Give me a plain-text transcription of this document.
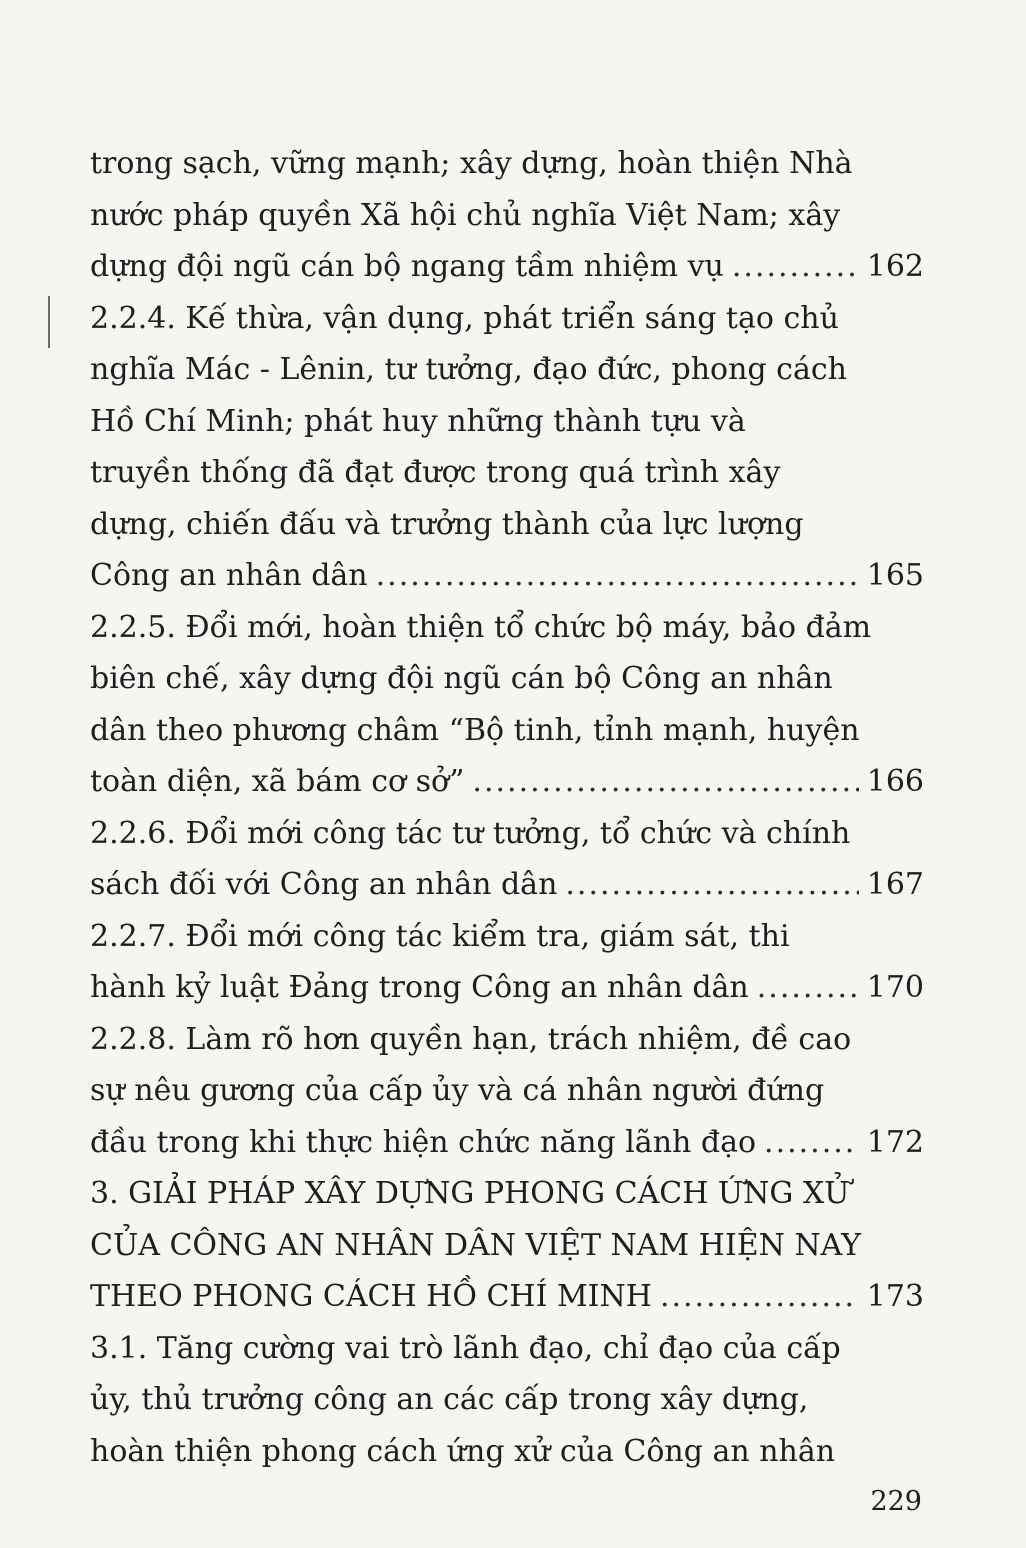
trong sạch, vững mạnh; xây dựng, hoàn thiện Nhà
nước pháp quyền Xã hội chủ nghĩa Việt Nam; xây
dựng đội ngũ cán bộ ngang tầm nhiệm vụ .....	162
2.2.4. Kế thừa, vận dụng, phát triển sáng tạo chủ
nghĩa Mác - Lênin, tư tưởng, đạo đức, phong cách
Hồ Chí Minh; phát huy những thành tựu và
truyền thống đã đạt được trong quá trình xây
dựng, chiến đấu và trưởng thành của lực lượng
Công an nhân dân .....	165
2.2.5. Đổi mới, hoàn thiện tổ chức bộ máy, bảo đảm
biên chế, xây dựng đội ngũ cán bộ Công an nhân
dân theo phương châm “Bộ tinh, tỉnh mạnh, huyện
toàn diện, xã bám cơ sở” .....	166
2.2.6. Đổi mới công tác tư tưởng, tổ chức và chính
sách đối với Công an nhân dân .....	167
2.2.7. Đổi mới công tác kiểm tra, giám sát, thi
hành kỷ luật Đảng trong Công an nhân dân .....	170
2.2.8. Làm rõ hơn quyền hạn, trách nhiệm, đề cao
sự nêu gương của cấp ủy và cá nhân người đứng
đầu trong khi thực hiện chức năng lãnh đạo .....	172
3. GIẢI PHÁP XÂY DỰNG PHONG CÁCH ỨNG XỬ
CỦA CÔNG AN NHÂN DÂN VIỆT NAM HIỆN NAY
THEO PHONG CÁCH HỒ CHÍ MINH .....	173
3.1. Tăng cường vai trò lãnh đạo, chỉ đạo của cấp
ủy, thủ trưởng công an các cấp trong xây dựng,
hoàn thiện phong cách ứng xử của Công an nhân
229
